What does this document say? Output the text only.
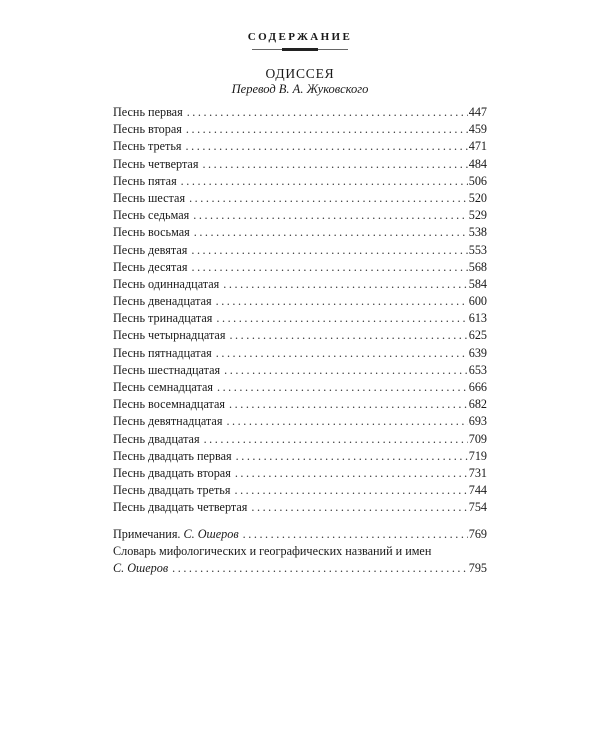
СОДЕРЖАНИЕ
ОДИССЕЯ
Перевод В. А. Жуковского
Песнь первая . . .	447
Песнь вторая . . .	459
Песнь третья . . .	471
Песнь четвертая . . .	484
Песнь пятая . . .	506
Песнь шестая . . .	520
Песнь седьмая . . .	529
Песнь восьмая . . .	538
Песнь девятая . . .	553
Песнь десятая . . .	568
Песнь одиннадцатая . . .	584
Песнь двенадцатая . . .	600
Песнь тринадцатая . . .	613
Песнь четырнадцатая . . .	625
Песнь пятнадцатая . . .	639
Песнь шестнадцатая . . .	653
Песнь семнадцатая . . .	666
Песнь восемнадцатая . . .	682
Песнь девятнадцатая . . .	693
Песнь двадцатая . . .	709
Песнь двадцать первая . . .	719
Песнь двадцать вторая . . .	731
Песнь двадцать третья . . .	744
Песнь двадцать четвертая . . .	754
Примечания. С. Ошеров . . .	769
Словарь мифологических и географических названий и имен
С. Ошеров . . .	795
